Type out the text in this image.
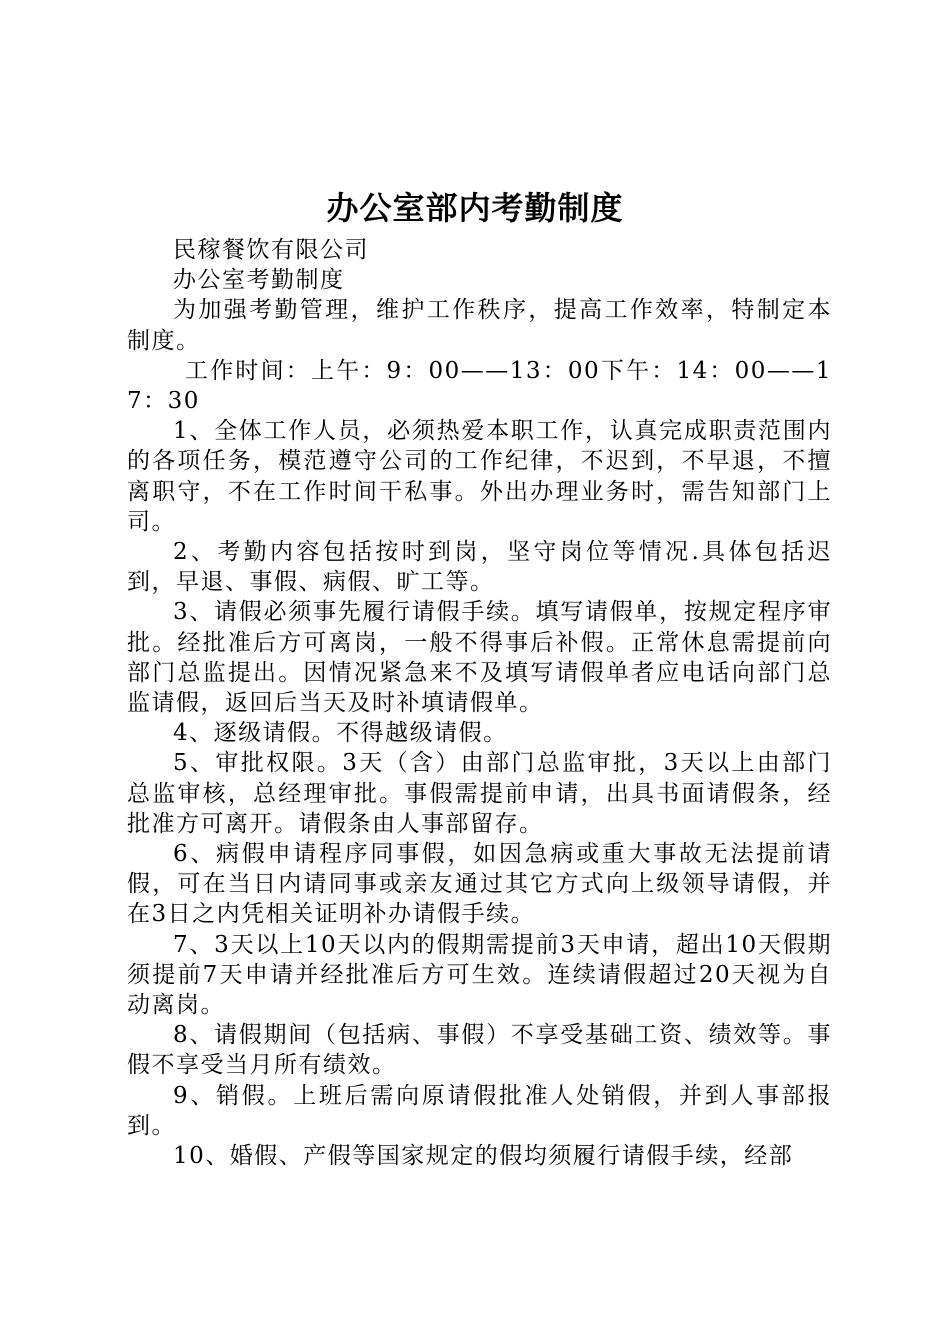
办公室部内考勤制度

民稼餐饮有限公司

办公室考勤制度

为加强考勤管理，维护工作秩序，提高工作效率，特制定本制度。

工作时间：上午：9：00——13：00下午：14：00——17：30

1、全体工作人员，必须热爱本职工作，认真完成职责范围内的各项任务，模范遵守公司的工作纪律，不迟到，不早退，不擅离职守，不在工作时间干私事。外出办理业务时，需告知部门上司。

2、考勤内容包括按时到岗，坚守岗位等情况.具体包括迟到，早退、事假、病假、旷工等。

3、请假必须事先履行请假手续。填写请假单，按规定程序审批。经批准后方可离岗，一般不得事后补假。正常休息需提前向部门总监提出。因情况紧急来不及填写请假单者应电话向部门总监请假，返回后当天及时补填请假单。

4、逐级请假。不得越级请假。

5、审批权限。3天（含）由部门总监审批，3天以上由部门总监审核，总经理审批。事假需提前申请，出具书面请假条，经批准方可离开。请假条由人事部留存。

6、病假申请程序同事假，如因急病或重大事故无法提前请假，可在当日内请同事或亲友通过其它方式向上级领导请假，并在3日之内凭相关证明补办请假手续。

7、3天以上10天以内的假期需提前3天申请，超出10天假期须提前7天申请并经批准后方可生效。连续请假超过20天视为自动离岗。

8、请假期间（包括病、事假）不享受基础工资、绩效等。事假不享受当月所有绩效。

9、销假。上班后需向原请假批准人处销假，并到人事部报到。

10、婚假、产假等国家规定的假均须履行请假手续，经部
